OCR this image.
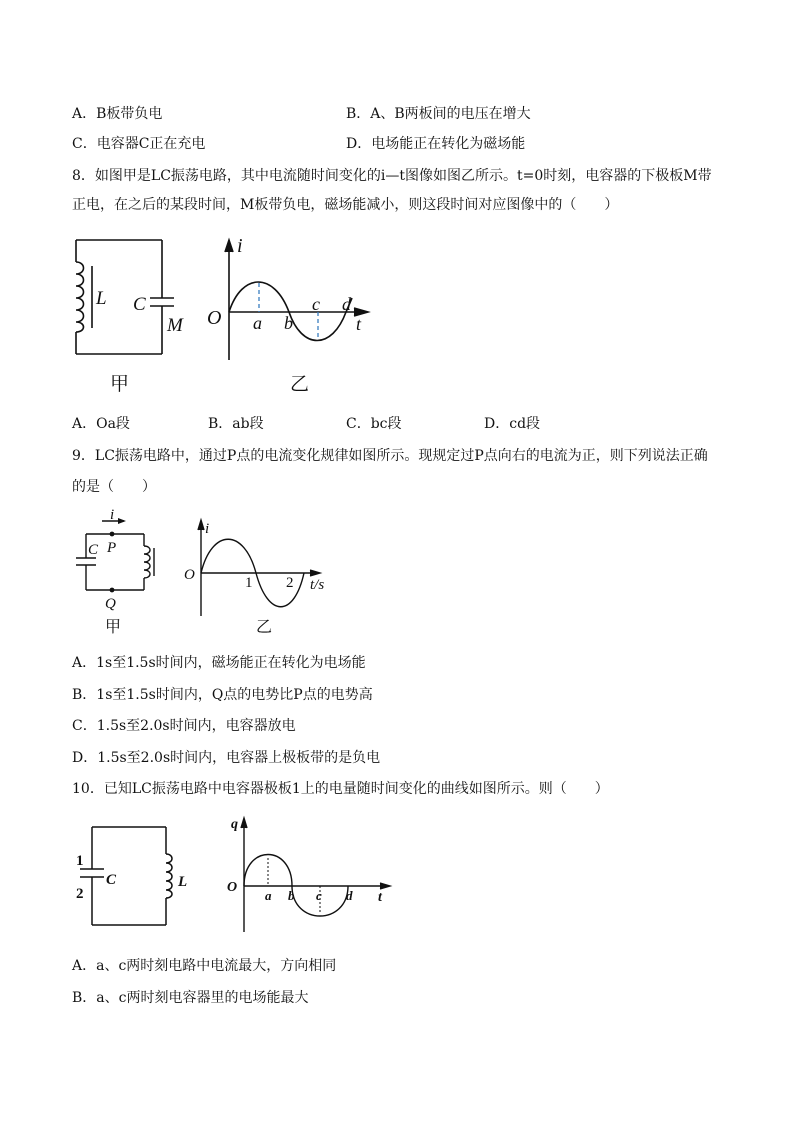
A．B板带负电	B．A、B两板间的电压在增大
C．电容器C正在充电	D．电场能正在转化为磁场能
8．如图甲是LC振荡电路，其中电流随时间变化的i—t图像如图乙所示。t=0时刻，电容器的下极板M带
正电，在之后的某段时间，M板带负电，磁场能减小，则这段时间对应图像中的（　　）
L C
M
甲
i
O a b
c d
t
乙
A．Oa段	B．ab段	C．bc段	D．cd段
9．LC振荡电路中，通过P点的电流变化规律如图所示。现规定过P点向右的电流为正，则下列说法正确
的是（　　）
i
C P
Q
甲
i
O	1 2 t/s
乙
A．1s至1.5s时间内，磁场能正在转化为电场能
B．1s至1.5s时间内，Q点的电势比P点的电势高
C．1.5s至2.0s时间内，电容器放电
D．1.5s至2.0s时间内，电容器上极板带的是负电
10．已知LC振荡电路中电容器极板1上的电量随时间变化的曲线如图所示。则（　　）
1
2
C	L
q
O
a b c d t
A．a、c两时刻电路中电流最大，方向相同
B．a、c两时刻电容器里的电场能最大
